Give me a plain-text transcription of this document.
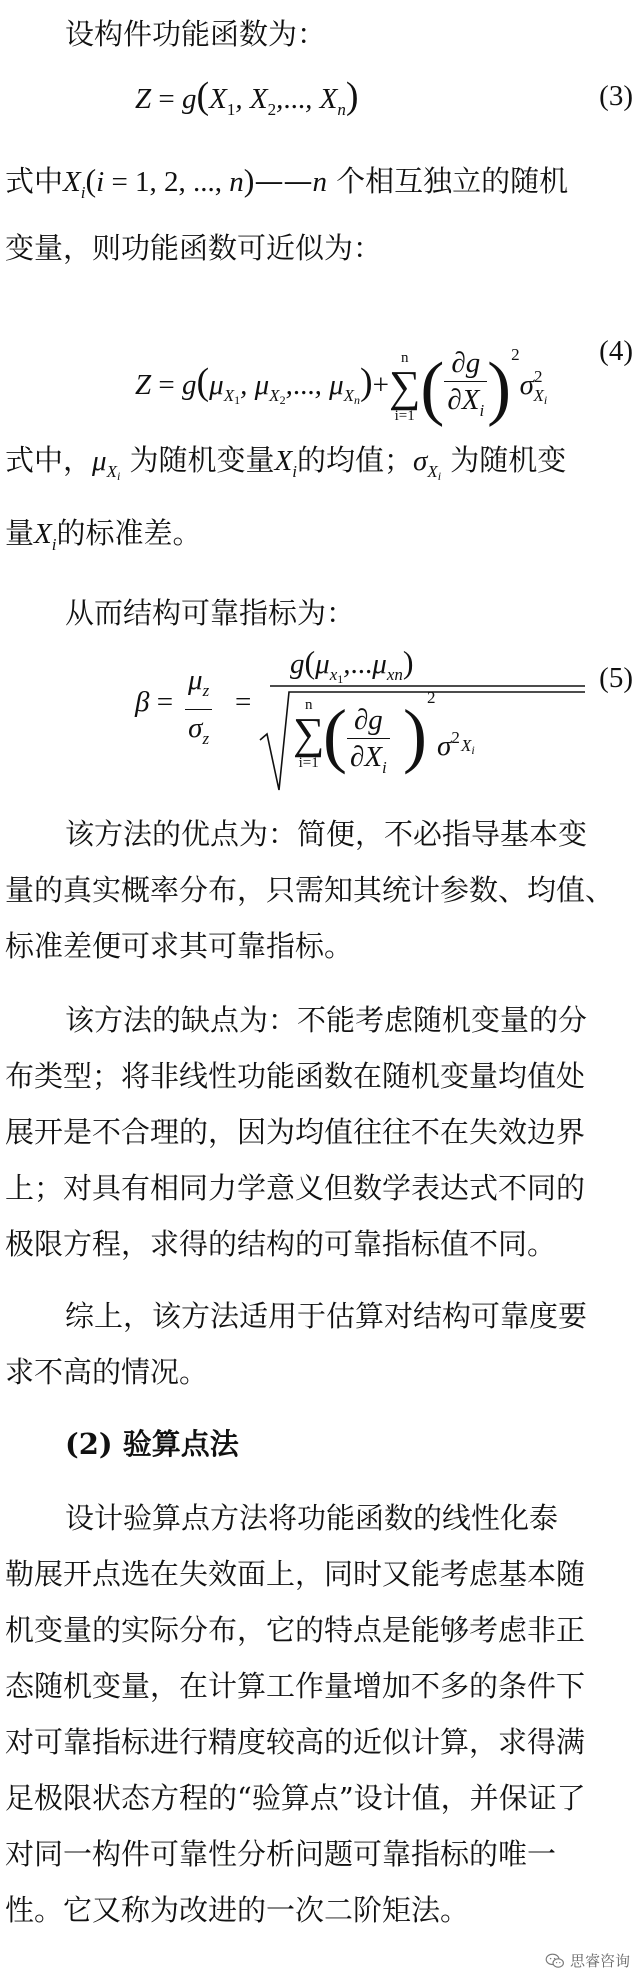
设构件功能函数为：
$Z = g(X_1$, $X_2$,..., $X_n$)	(3)
式中$X_i(i = 1$, 2, ..., n)——n 个相互独立的随机
变量，则功能函数可近似为：
$Z = g(\mu_{X1}$, $\mu_{X2}$,..., $\mu_{Xn})+$
n
∑
i=1 ( $\frac{\partial g}{\partial X_i} )^2\sigma^2_{Xi}$
(4)
式中，$\mu_{Xi}$ 为随机变量$X_i$的均值；$\sigma_{Xi}$ 为随机变
量$X_i$的标准差。
从而结构可靠指标为：
$\beta = \frac{\mu_z}{\sigma_z}$ =
$g(\mu_{x1},...\mu_{xn})$
n
∑
i=1 ( $\frac{\partial g}{\partial X_i}$ ) 2
$\sigma^2$ Xi
(5)
该方法的优点为：简便，不必指导基本变
量的真实概率分布，只需知其统计参数、均值、
标准差便可求其可靠指标。
该方法的缺点为：不能考虑随机变量的分
布类型；将非线性功能函数在随机变量均值处
展开是不合理的，因为均值往往不在失效边界
上；对具有相同力学意义但数学表达式不同的
极限方程，求得的结构的可靠指标值不同。
综上，该方法适用于估算对结构可靠度要
求不高的情况。
(2) 验算点法
设计验算点方法将功能函数的线性化泰
勒展开点选在失效面上，同时又能考虑基本随
机变量的实际分布，它的特点是能够考虑非正
态随机变量，在计算工作量增加不多的条件下
对可靠指标进行精度较高的近似计算，求得满
足极限状态方程的“验算点”设计值，并保证了
对同一构件可靠性分析问题可靠指标的唯一
性。它又称为改进的一次二阶矩法。
思睿咨询
